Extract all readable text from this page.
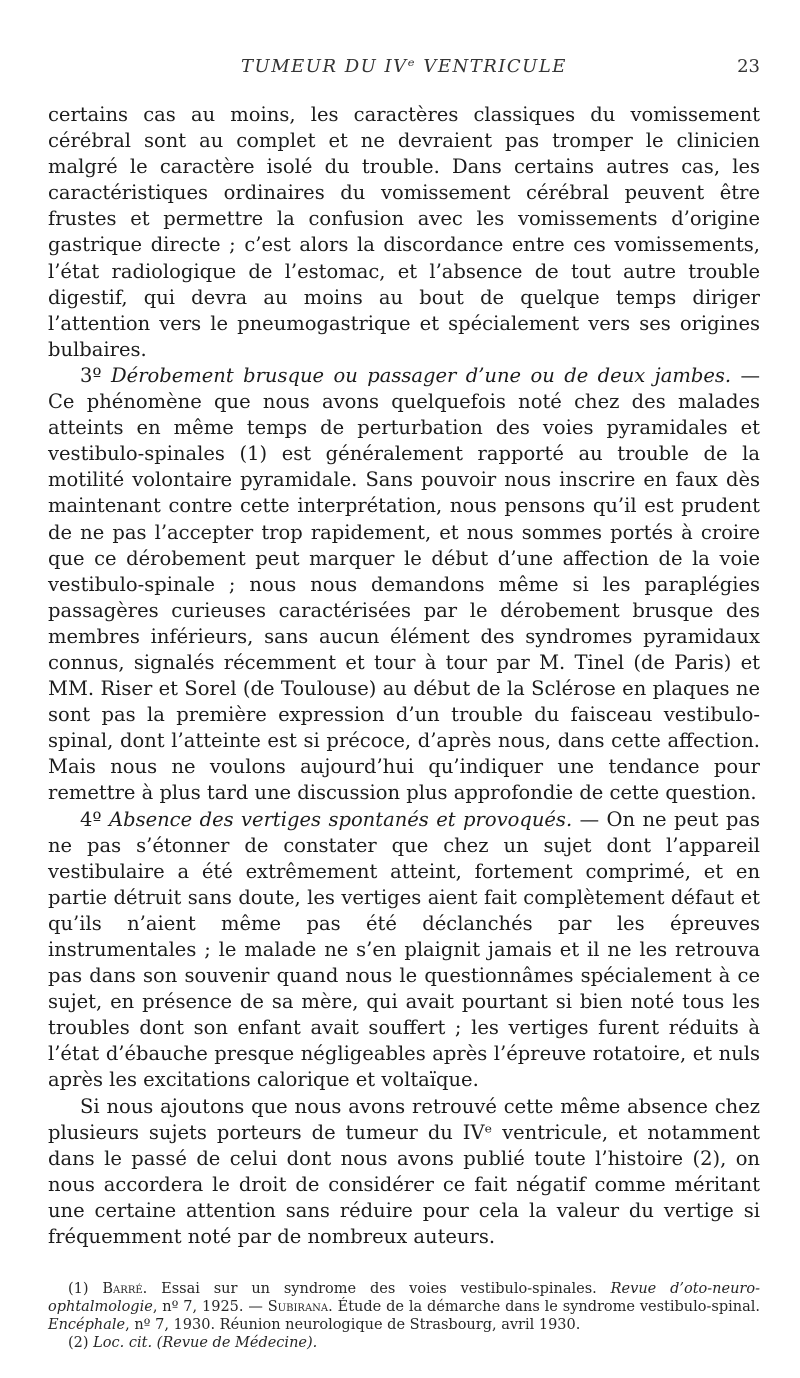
TUMEUR DU IVᵉ VENTRICULE	23

certains cas au moins, les caractères classiques du vomissement cérébral sont au complet et ne devraient pas tromper le clinicien malgré le caractère isolé du trouble. Dans certains autres cas, les caractéristiques ordinaires du vomissement cérébral peuvent être frustes et permettre la confusion avec les vomissements d’origine gastrique directe ; c’est alors la discordance entre ces vomissements, l’état radiologique de l’estomac, et l’absence de tout autre trouble digestif, qui devra au moins au bout de quelque temps diriger l’attention vers le pneumogastrique et spécialement vers ses origines bulbaires.

3º Dérobement brusque ou passager d’une ou de deux jambes. — Ce phénomène que nous avons quelquefois noté chez des malades atteints en même temps de perturbation des voies pyramidales et vestibulo-spinales (1) est généralement rapporté au trouble de la motilité volontaire pyramidale. Sans pouvoir nous inscrire en faux dès maintenant contre cette interprétation, nous pensons qu’il est prudent de ne pas l’accepter trop rapidement, et nous sommes portés à croire que ce dérobement peut marquer le début d’une affection de la voie vestibulo-spinale ; nous nous demandons même si les paraplégies passagères curieuses caractérisées par le dérobement brusque des membres inférieurs, sans aucun élément des syndromes pyramidaux connus, signalés récemment et tour à tour par M. Tinel (de Paris) et MM. Riser et Sorel (de Toulouse) au début de la Sclérose en plaques ne sont pas la première expression d’un trouble du faisceau vestibulo-spinal, dont l’atteinte est si précoce, d’après nous, dans cette affection. Mais nous ne voulons aujourd’hui qu’indiquer une tendance pour remettre à plus tard une discussion plus approfondie de cette question.

4º Absence des vertiges spontanés et provoqués. — On ne peut pas ne pas s’étonner de constater que chez un sujet dont l’appareil vestibulaire a été extrêmement atteint, fortement comprimé, et en partie détruit sans doute, les vertiges aient fait complètement défaut et qu’ils n’aient même pas été déclanchés par les épreuves instrumentales ; le malade ne s’en plaignit jamais et il ne les retrouva pas dans son souvenir quand nous le questionnâmes spécialement à ce sujet, en présence de sa mère, qui avait pourtant si bien noté tous les troubles dont son enfant avait souffert ; les vertiges furent réduits à l’état d’ébauche presque négligeables après l’épreuve rotatoire, et nuls après les excitations calorique et voltaïque.

Si nous ajoutons que nous avons retrouvé cette même absence chez plusieurs sujets porteurs de tumeur du IVᵉ ventricule, et notamment dans le passé de celui dont nous avons publié toute l’histoire (2), on nous accordera le droit de considérer ce fait négatif comme méritant une certaine attention sans réduire pour cela la valeur du vertige si fréquemment noté par de nombreux auteurs.

(1) Barré. Essai sur un syndrome des voies vestibulo-spinales. Revue d’oto-neuro-ophtalmologie, nº 7, 1925. — Subirana. Étude de la démarche dans le syndrome vestibulo-spinal. Encéphale, nº 7, 1930. Réunion neurologique de Strasbourg, avril 1930.

(2) Loc. cit. (Revue de Médecine).
